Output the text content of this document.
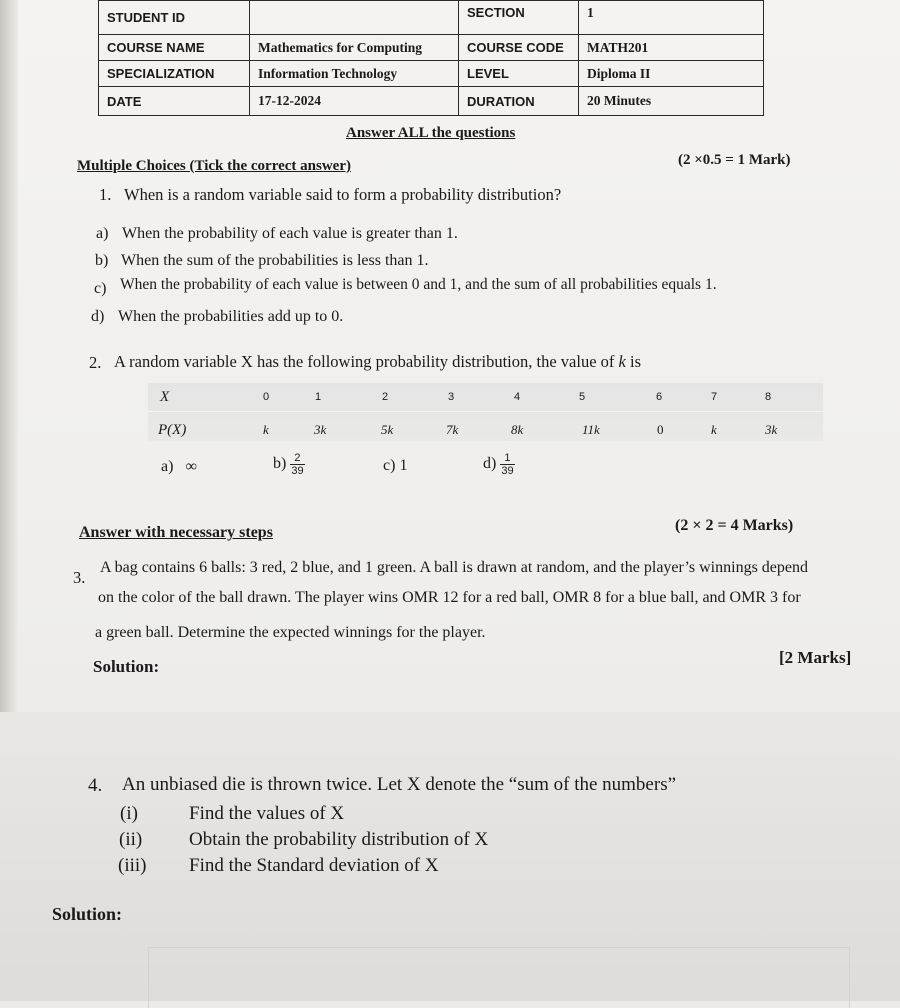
STUDENT ID		SECTION	1
COURSE NAME	Mathematics for Computing	COURSE CODE	MATH201
SPECIALIZATION	Information Technology	LEVEL	Diploma II
DATE	17-12-2024	DURATION	20 Minutes
Answer ALL the questions
Multiple Choices (Tick the correct answer)	(2 ×0.5 = 1 Mark)
1. When is a random variable said to form a probability distribution?
a) When the probability of each value is greater than 1.
b) When the sum of the probabilities is less than 1.
c) When the probability of each value is between 0 and 1, and the sum of all probabilities equals 1.
d) When the probabilities add up to 0.
2. A random variable X has the following probability distribution, the value of k is
X	0	1	2	3	4	5	6	7	8
P(X)	k	3k	5k	7k	8k	11k	0	k	3k
a) ∞	$b) \frac{2}{39}$	c) 1	$d) \frac{1}{39}$
Answer with necessary steps	(2 × 2 = 4 Marks)
3.
A bag contains 6 balls: 3 red, 2 blue, and 1 green. A ball is drawn at random, and the player’s winnings depend
on the color of the ball drawn. The player wins OMR 12 for a red ball, OMR 8 for a blue ball, and OMR 3 for
a green ball. Determine the expected winnings for the player.
Solution:	[2 Marks]
4. An unbiased die is thrown twice. Let X denote the “sum of the numbers”
(i)	Find the values of X
(ii) Obtain the probability distribution of X
(iii) Find the Standard deviation of X
Solution:
